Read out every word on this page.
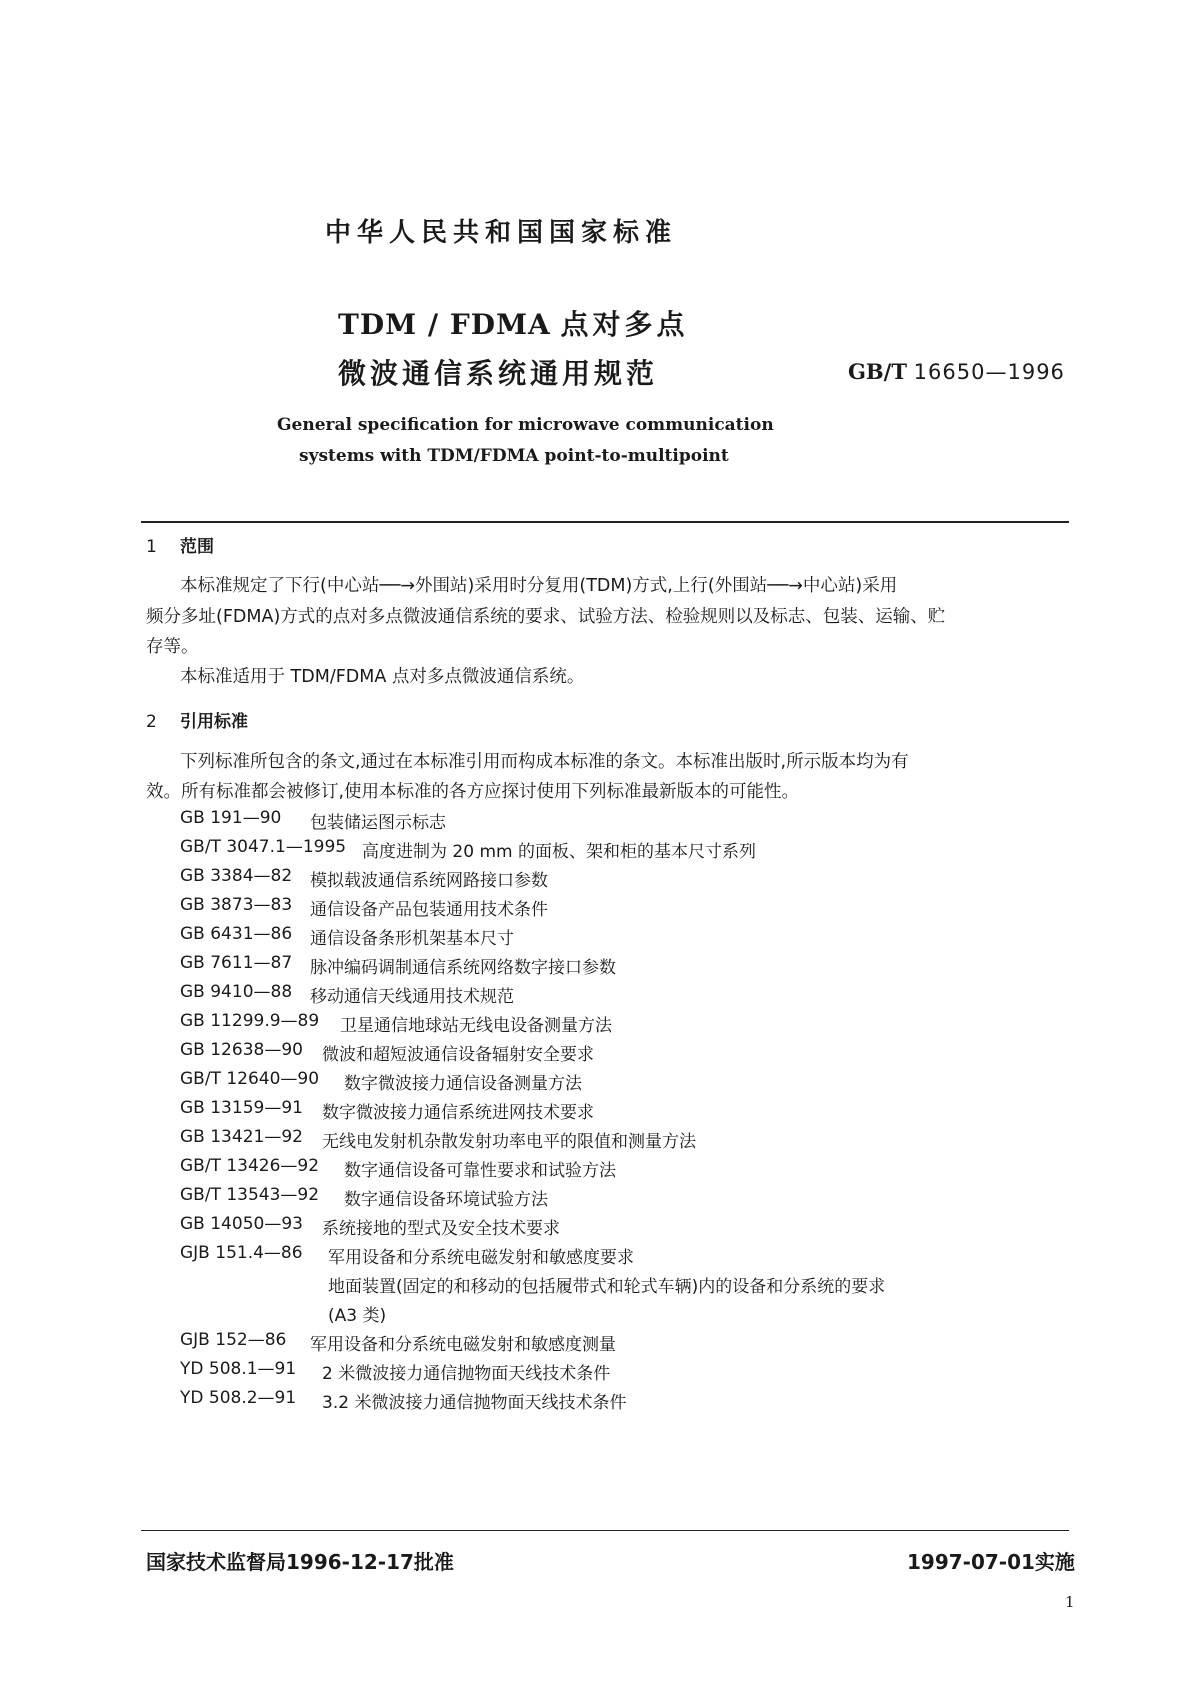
中华人民共和国国家标准
TDM / FDMA 点对多点
微波通信系统通用规范	GB/T 16650—1996
General specification for microwave communication
systems with TDM/FDMA point-to-multipoint
1 范围
本标准规定了下行(中心站──→外围站)采用时分复用(TDM)方式,上行(外围站──→中心站)采用
频分多址(FDMA)方式的点对多点微波通信系统的要求、试验方法、检验规则以及标志、包装、运输、贮
存等。
本标准适用于 TDM/FDMA 点对多点微波通信系统。
2 引用标准
下列标准所包含的条文,通过在本标准引用而构成本标准的条文。本标准出版时,所示版本均为有
效。所有标准都会被修订,使用本标准的各方应探讨使用下列标准最新版本的可能性。
GB 191—90 包装储运图示标志
GB/T 3047.1—1995 高度进制为 20 mm 的面板、架和柜的基本尺寸系列
GB 3384—82 模拟载波通信系统网路接口参数
GB 3873—83 通信设备产品包装通用技术条件
GB 6431—86 通信设备条形机架基本尺寸
GB 7611—87 脉冲编码调制通信系统网络数字接口参数
GB 9410—88 移动通信天线通用技术规范
GB 11299.9—89 卫星通信地球站无线电设备测量方法
GB 12638—90 微波和超短波通信设备辐射安全要求
GB/T 12640—90 数字微波接力通信设备测量方法
GB 13159—91 数字微波接力通信系统进网技术要求
GB 13421—92 无线电发射机杂散发射功率电平的限值和测量方法
GB/T 13426—92 数字通信设备可靠性要求和试验方法
GB/T 13543—92 数字通信设备环境试验方法
GB 14050—93 系统接地的型式及安全技术要求
GJB 151.4—86 军用设备和分系统电磁发射和敏感度要求
地面装置(固定的和移动的包括履带式和轮式车辆)内的设备和分系统的要求
(A3 类)
GJB 152—86 军用设备和分系统电磁发射和敏感度测量
YD 508.1—91 2 米微波接力通信抛物面天线技术条件
YD 508.2—91 3.2 米微波接力通信抛物面天线技术条件
国家技术监督局1996-12-17批准	1997-07-01实施
1
